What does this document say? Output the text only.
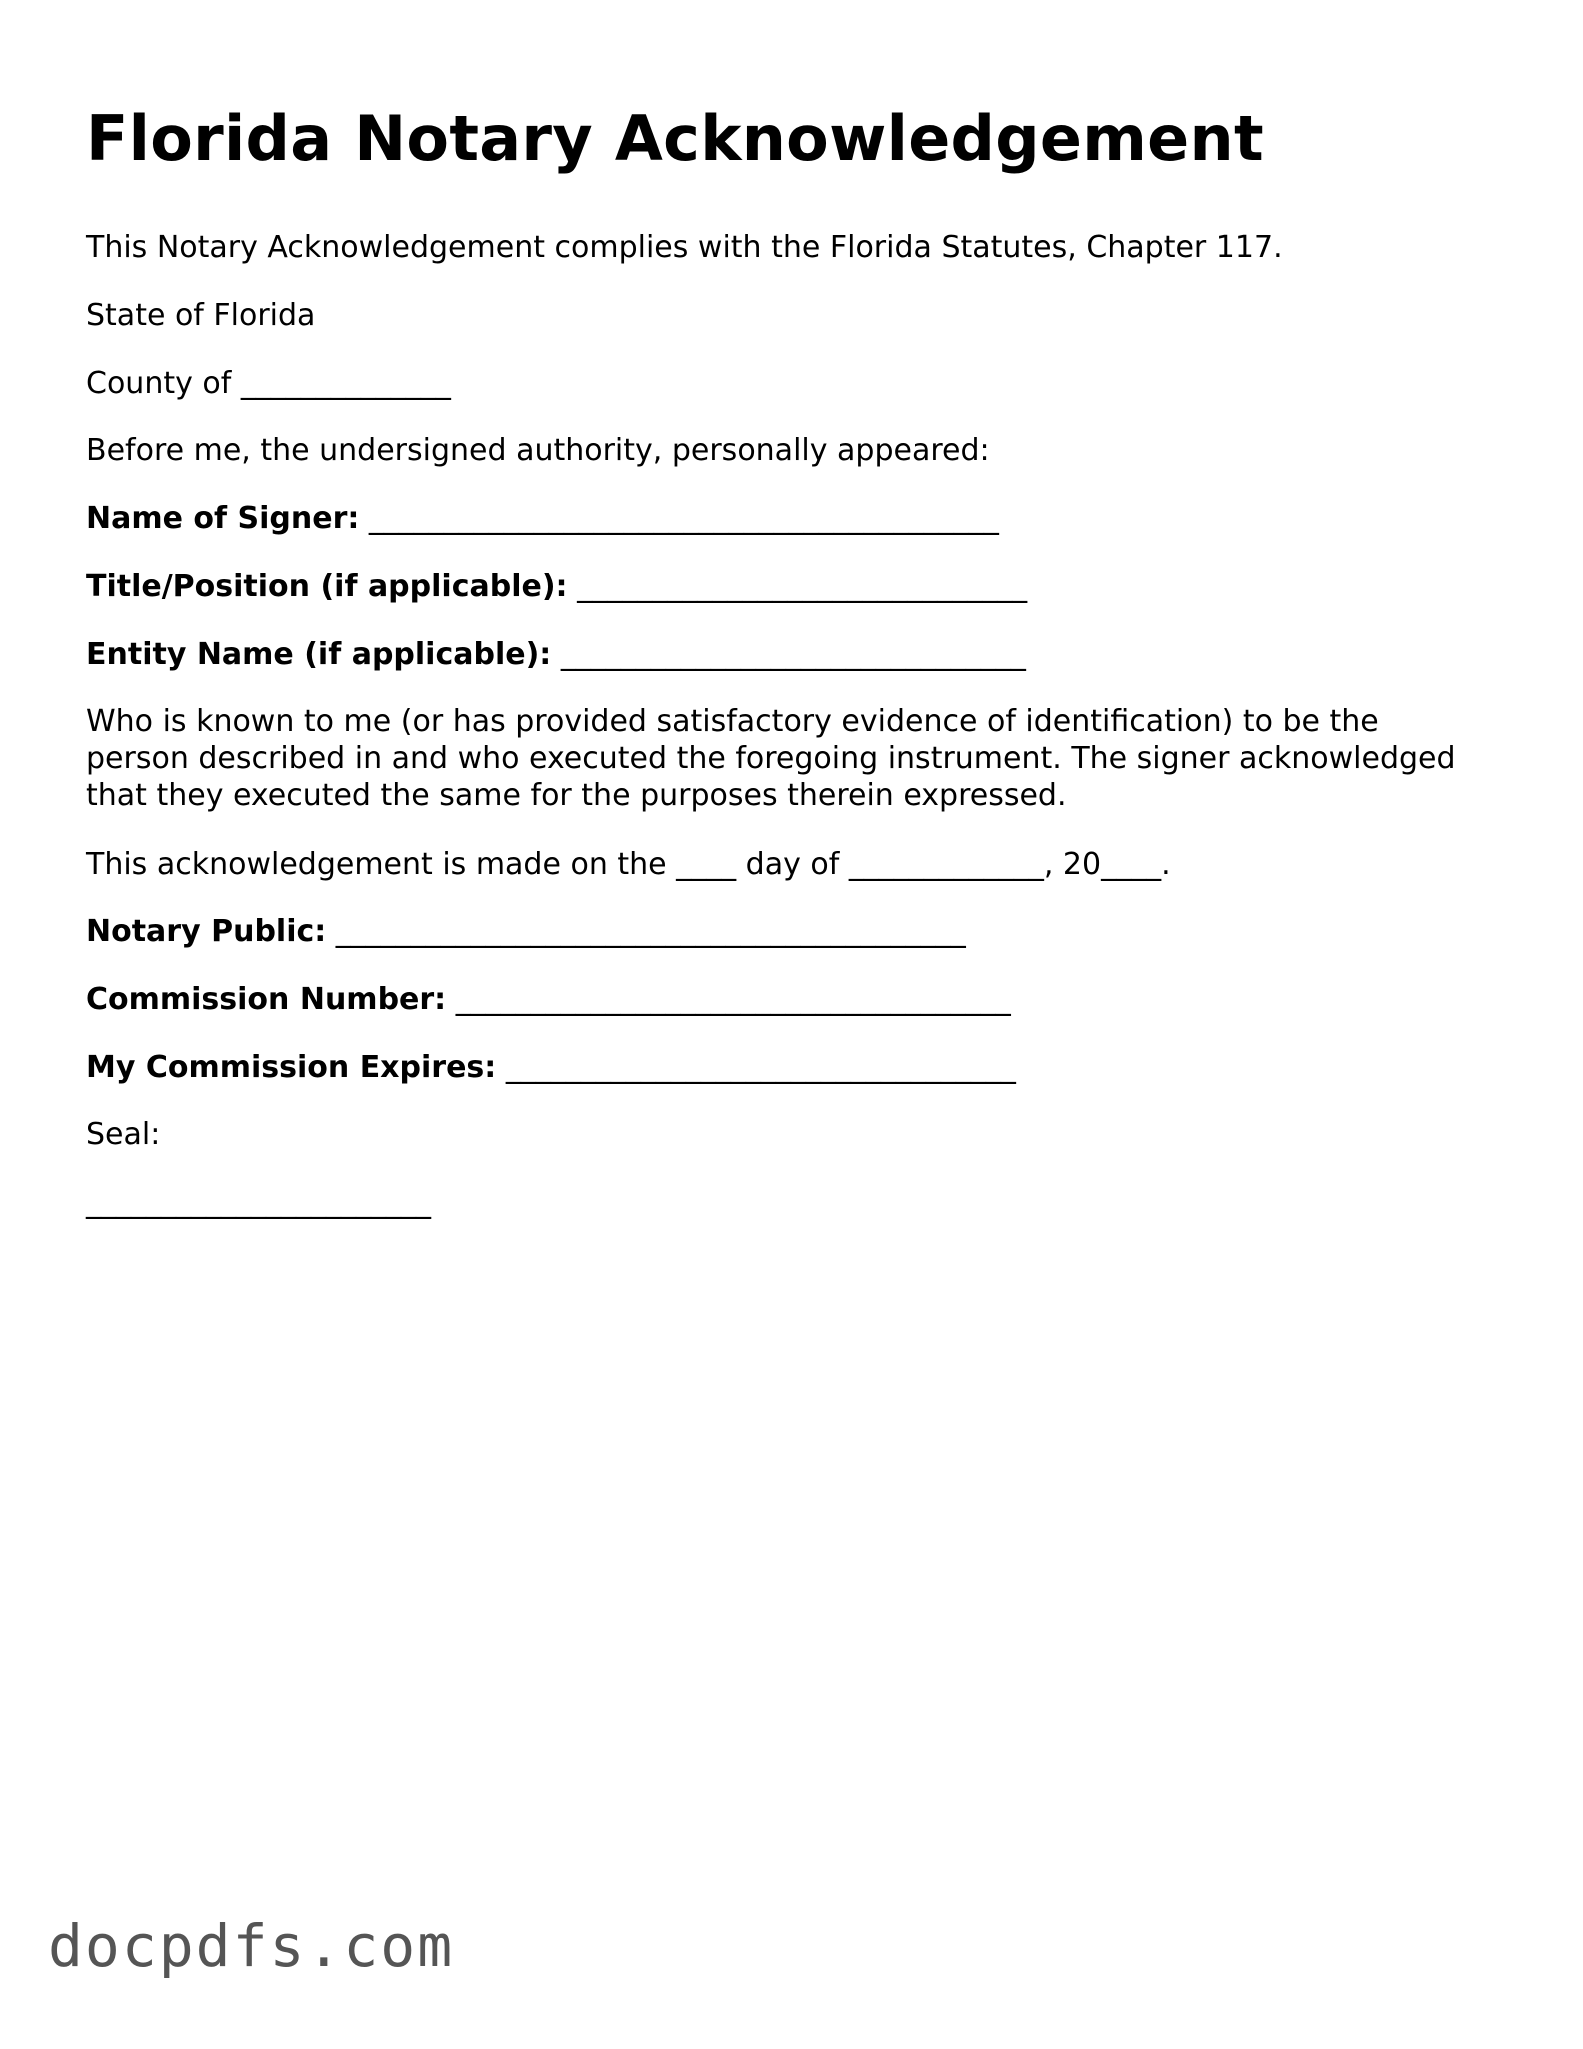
Florida Notary Acknowledgement

This Notary Acknowledgement complies with the Florida Statutes, Chapter 117.

State of Florida

County of ______________

Before me, the undersigned authority, personally appeared:

Name of Signer: __________________________________________

Title/Position (if applicable): ______________________________

Entity Name (if applicable): _______________________________

Who is known to me (or has provided satisfactory evidence of identification) to be the person described in and who executed the foregoing instrument. The signer acknowledged that they executed the same for the purposes therein expressed.

This acknowledgement is made on the ____ day of _____________, 20____.

Notary Public: __________________________________________

Commission Number: _____________________________________

My Commission Expires: __________________________________

Seal:

_______________________

docpdfs.com
